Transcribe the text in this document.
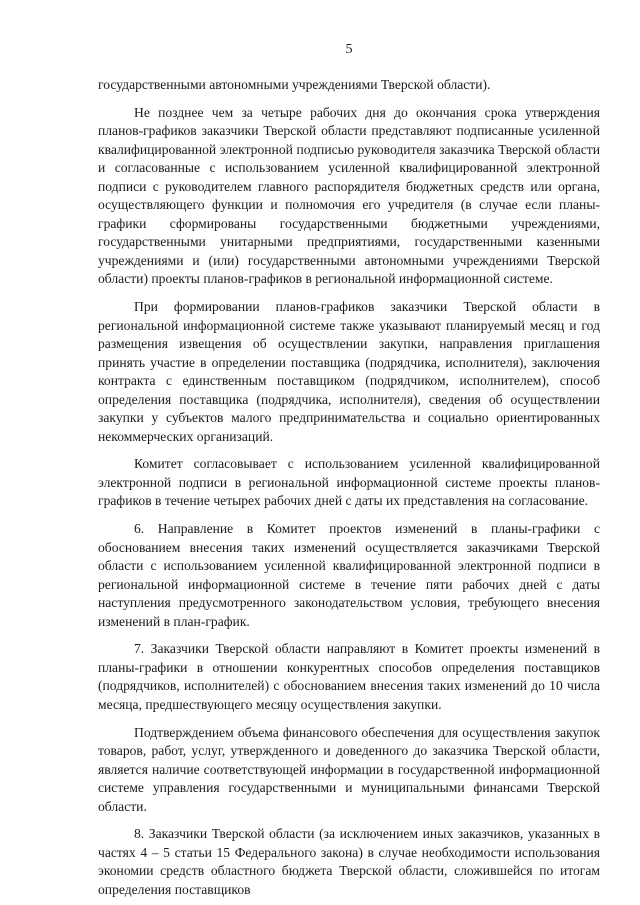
5

государственными автономными учреждениями Тверской области).

Не позднее чем за четыре рабочих дня до окончания срока утверждения планов-графиков заказчики Тверской области представляют подписанные усиленной квалифицированной электронной подписью руководителя заказчика Тверской области и согласованные с использованием усиленной квалифицированной электронной подписи с руководителем главного распорядителя бюджетных средств или органа, осуществляющего функции и полномочия его учредителя (в случае если планы-графики сформированы государственными бюджетными учреждениями, государственными унитарными предприятиями, государственными казенными учреждениями и (или) государственными автономными учреждениями Тверской области) проекты планов-графиков в региональной информационной системе.

При формировании планов-графиков заказчики Тверской области в региональной информационной системе также указывают планируемый месяц и год размещения извещения об осуществлении закупки, направления приглашения принять участие в определении поставщика (подрядчика, исполнителя), заключения контракта с единственным поставщиком (подрядчиком, исполнителем), способ определения поставщика (подрядчика, исполнителя), сведения об осуществлении закупки у субъектов малого предпринимательства и социально ориентированных некоммерческих организаций.

Комитет согласовывает с использованием усиленной квалифицированной электронной подписи в региональной информационной системе проекты планов-графиков в течение четырех рабочих дней с даты их представления на согласование.

6. Направление в Комитет проектов изменений в планы-графики с обоснованием внесения таких изменений осуществляется заказчиками Тверской области с использованием усиленной квалифицированной электронной подписи в региональной информационной системе в течение пяти рабочих дней с даты наступления предусмотренного законодательством условия, требующего внесения изменений в план-график.

7. Заказчики Тверской области направляют в Комитет проекты изменений в планы-графики в отношении конкурентных способов определения поставщиков (подрядчиков, исполнителей) с обоснованием внесения таких изменений до 10 числа месяца, предшествующего месяцу осуществления закупки.

Подтверждением объема финансового обеспечения для осуществления закупок товаров, работ, услуг, утвержденного и доведенного до заказчика Тверской области, является наличие соответствующей информации в государственной информационной системе управления государственными и муниципальными финансами Тверской области.

8. Заказчики Тверской области (за исключением иных заказчиков, указанных в частях 4 – 5 статьи 15 Федерального закона) в случае необходимости использования экономии средств областного бюджета Тверской области, сложившейся по итогам определения поставщиков
